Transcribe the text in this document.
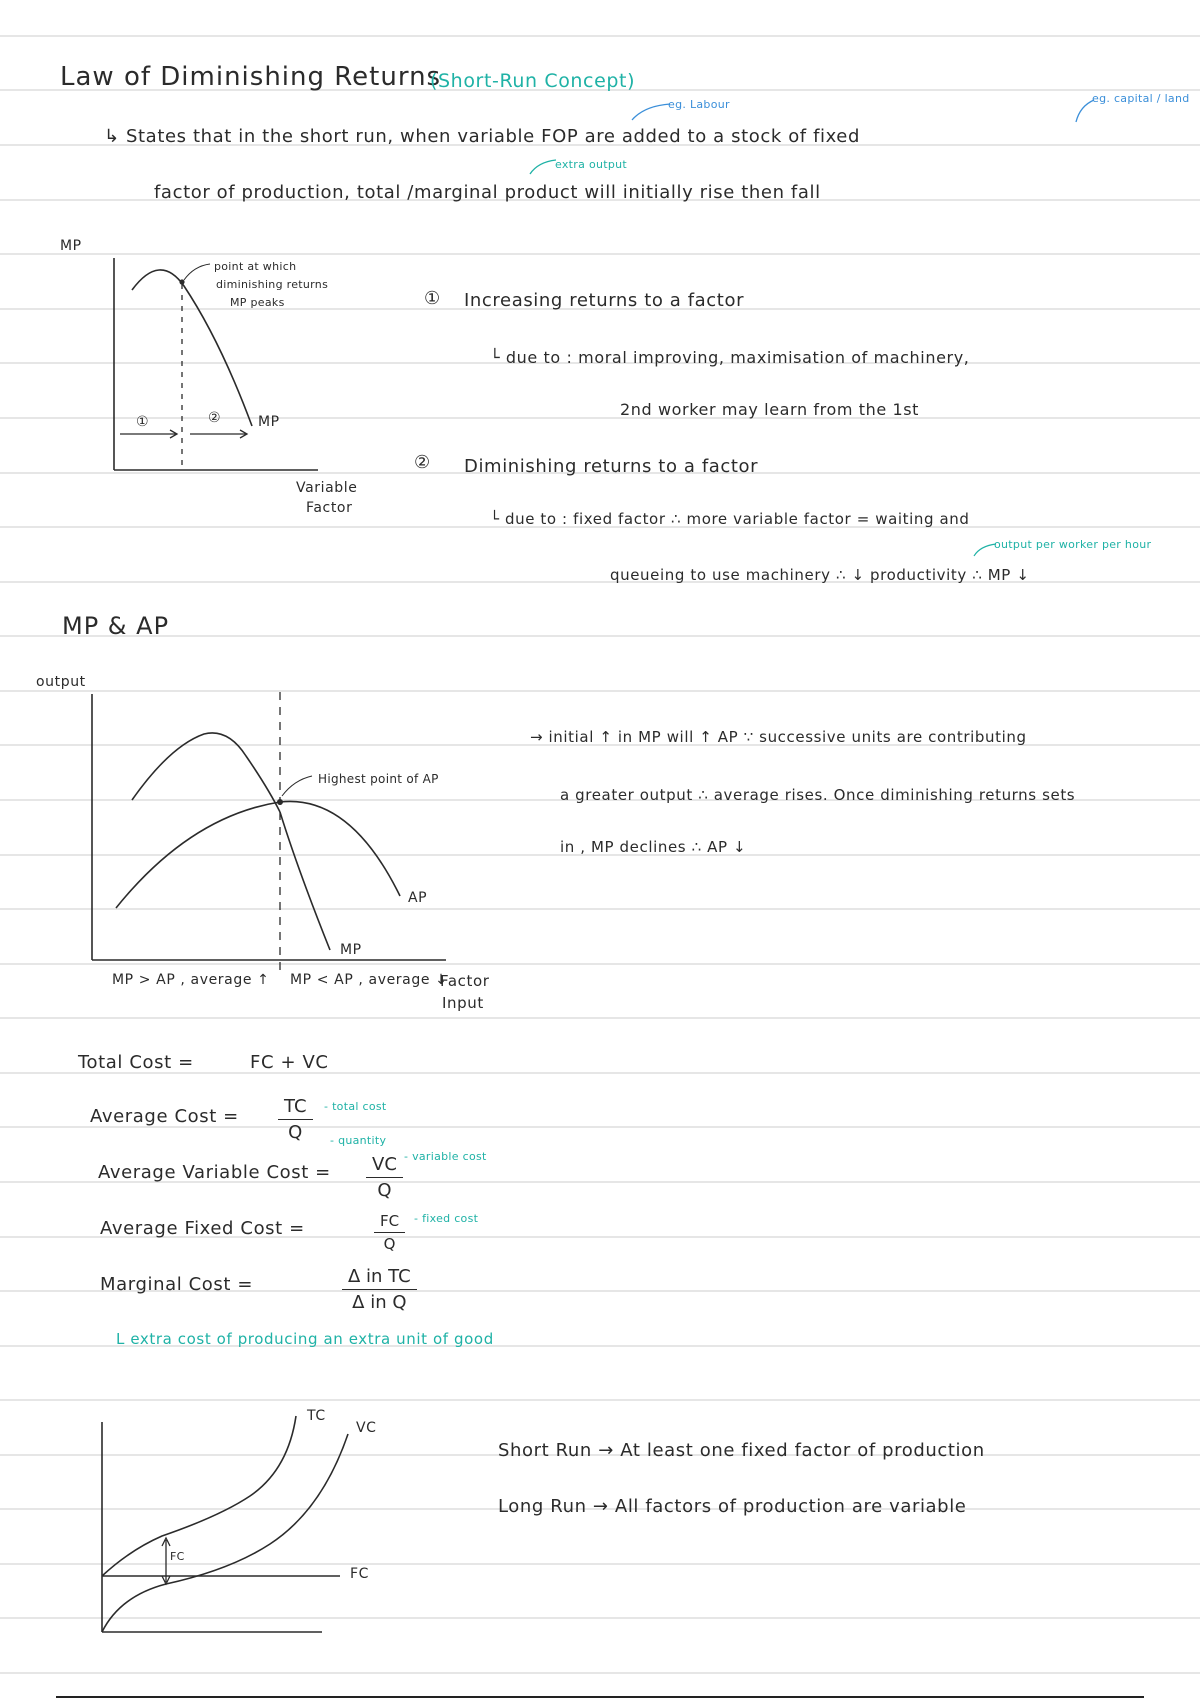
Law of Diminishing Returns
(Short-Run Concept)
eg. Labour	eg. capital / land
↳ States that in the short run, when variable FOP are added to a stock of fixed
extra output
factor of production, total /marginal product will initially rise then fall
MP
point at which
diminishing returns
MP peaks
①	②	MP
Variable
Factor
① Increasing returns to a factor
└ due to : moral improving, maximisation of machinery,
2nd worker may learn from the 1st
② Diminishing returns to a factor
└ due to : fixed factor ∴ more variable factor = waiting and
output per worker per hour
queueing to use machinery ∴ ↓ productivity ∴ MP ↓
MP & AP
output
Highest point of AP
AP
MP
MP > AP , average ↑ MP < AP , average ↓
Factor
Input
→ initial ↑ in MP will ↑ AP ∵ successive units are contributing
a greater output ∴ average rises. Once diminishing returns sets
in , MP declines ∴ AP ↓
Total Cost =	FC + VC
Average Cost = $\frac{TC}{Q}$ - total cost
- quantity
Average Variable Cost = $\frac{VC}{Q}$ - variable cost
Average Fixed Cost =	$\frac{FC}{Q}$ - fixed cost
Marginal Cost =	$\frac{\text{Δ in TC}}{\text{Δ in Q}}$
L extra cost of producing an extra unit of good
TC
VC
FC
FC
Short Run → At least one fixed factor of production
Long Run → All factors of production are variable
